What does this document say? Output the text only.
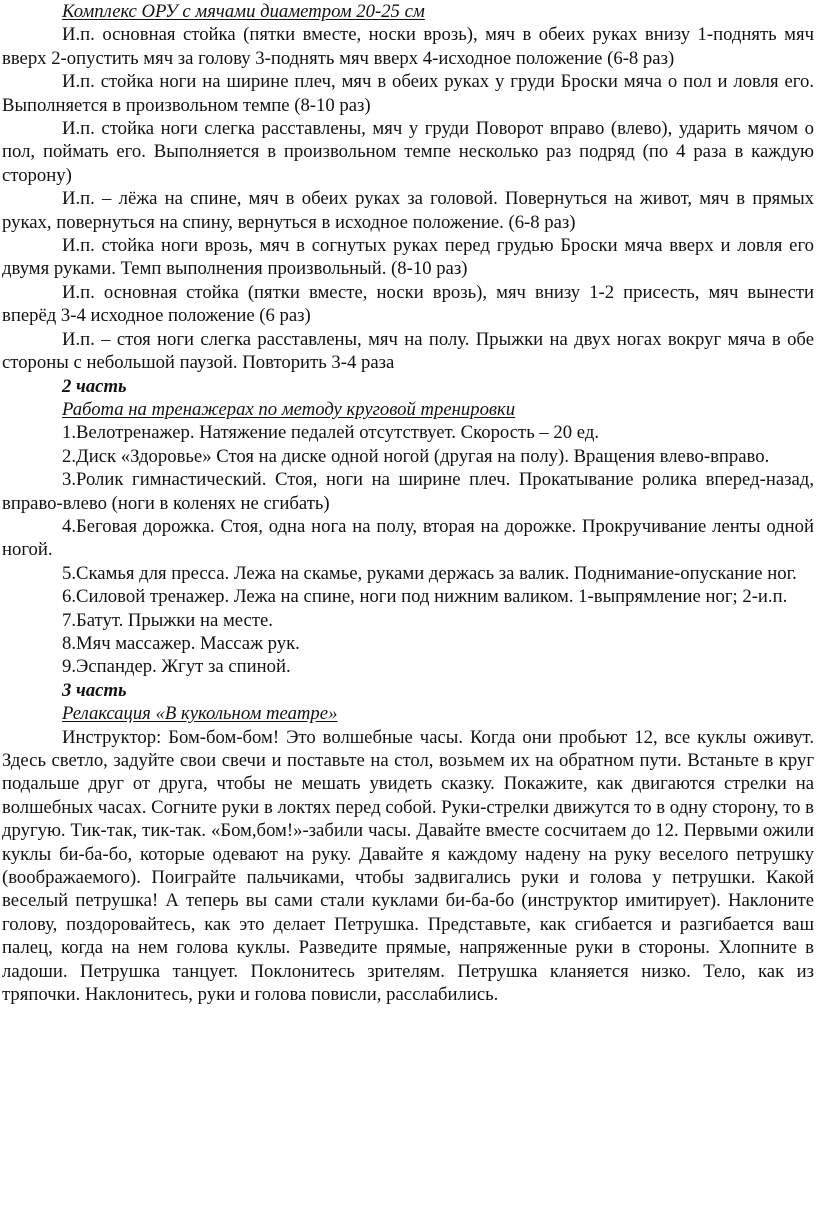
Комплекс ОРУ с мячами диаметром 20-25 см

И.п. основная стойка (пятки вместе, носки врозь), мяч в обеих руках внизу 1-поднять мяч вверх 2-опустить мяч за голову 3-поднять мяч вверх 4-исходное положение (6-8 раз)

И.п. стойка ноги на ширине плеч, мяч в обеих руках у груди Броски мяча о пол и ловля его. Выполняется в произвольном темпе (8-10 раз)

И.п. стойка ноги слегка расставлены, мяч у груди Поворот вправо (влево), ударить мячом о пол, поймать его. Выполняется в произвольном темпе несколько раз подряд (по 4 раза в каждую сторону)

И.п. – лёжа на спине, мяч в обеих руках за головой. Повернуться на живот, мяч в прямых руках, повернуться на спину, вернуться в исходное положение. (6-8 раз)

И.п. стойка ноги врозь, мяч в согнутых руках перед грудью Броски мяча вверх и ловля его двумя руками. Темп выполнения произвольный. (8-10 раз)

И.п. основная стойка (пятки вместе, носки врозь), мяч внизу 1-2 присесть, мяч вынести вперёд 3-4 исходное положение (6 раз)

И.п. – стоя ноги слегка расставлены, мяч на полу. Прыжки на двух ногах вокруг мяча в обе стороны с небольшой паузой. Повторить 3-4 раза

2 часть

Работа на тренажерах по методу круговой тренировки

1.Велотренажер. Натяжение педалей отсутствует. Скорость – 20 ед.

2.Диск «Здоровье» Стоя на диске одной ногой (другая на полу). Вращения влево-вправо.

3.Ролик гимнастический. Стоя, ноги на ширине плеч. Прокатывание ролика вперед-назад, вправо-влево (ноги в коленях не сгибать)

4.Беговая дорожка. Стоя, одна нога на полу, вторая на дорожке. Прокручивание ленты одной ногой.

5.Скамья для пресса. Лежа на скамье, руками держась за валик. Поднимание-опускание ног.

6.Силовой тренажер. Лежа на спине, ноги под нижним валиком. 1-выпрямление ног; 2-и.п.

7.Батут. Прыжки на месте.

8.Мяч массажер. Массаж рук.

9.Эспандер. Жгут за спиной.

3 часть

Релаксация «В кукольном театре»

Инструктор: Бом-бом-бом! Это волшебные часы. Когда они пробьют 12, все куклы оживут. Здесь светло, задуйте свои свечи и поставьте на стол, возьмем их на обратном пути. Встаньте в круг подальше друг от друга, чтобы не мешать увидеть сказку. Покажите, как двигаются стрелки на волшебных часах. Согните руки в локтях перед собой. Руки-стрелки движутся то в одну сторону, то в другую. Тик-так, тик-так. «Бом,бом!»-забили часы. Давайте вместе сосчитаем до 12. Первыми ожили куклы би-ба-бо, которые одевают на руку. Давайте я каждому надену на руку веселого петрушку (воображаемого). Поиграйте пальчиками, чтобы задвигались руки и голова у петрушки. Какой веселый петрушка! А теперь вы сами стали куклами би-ба-бо (инструктор имитирует). Наклоните голову, поздоровайтесь, как это делает Петрушка. Представьте, как сгибается и разгибается ваш палец, когда на нем голова куклы. Разведите прямые, напряженные руки в стороны. Хлопните в ладоши. Петрушка танцует. Поклонитесь зрителям. Петрушка кланяется низко. Тело, как из тряпочки. Наклонитесь, руки и голова повисли, расслабились.
